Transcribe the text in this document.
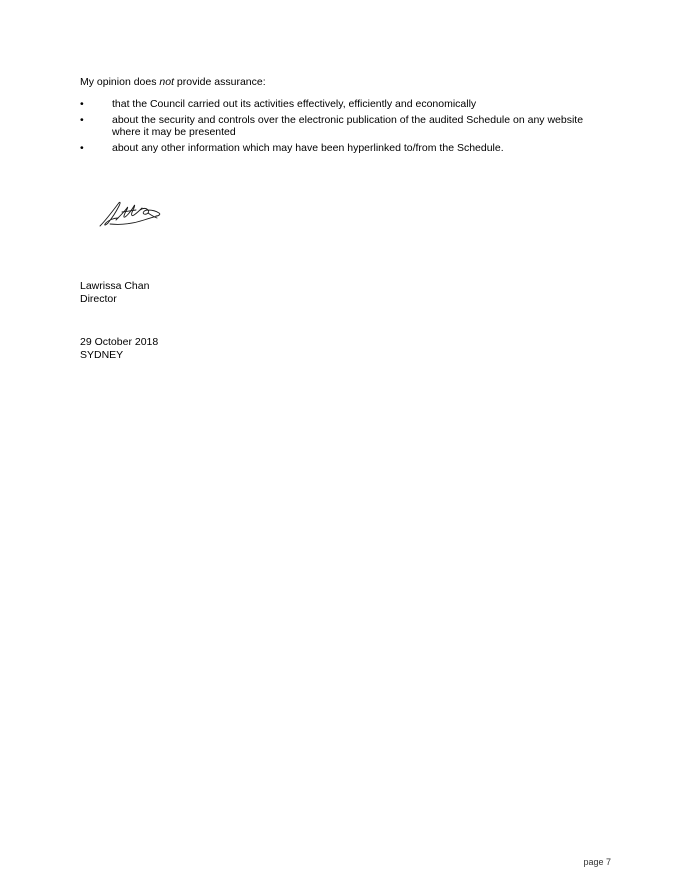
My opinion does not provide assurance:
•	that the Council carried out its activities effectively, efficiently and economically
•	about the security and controls over the electronic publication of the audited Schedule on any website where it may be presented
•	about any other information which may have been hyperlinked to/from the Schedule.
Lawrissa Chan
Director
29 October 2018
SYDNEY
page 7
